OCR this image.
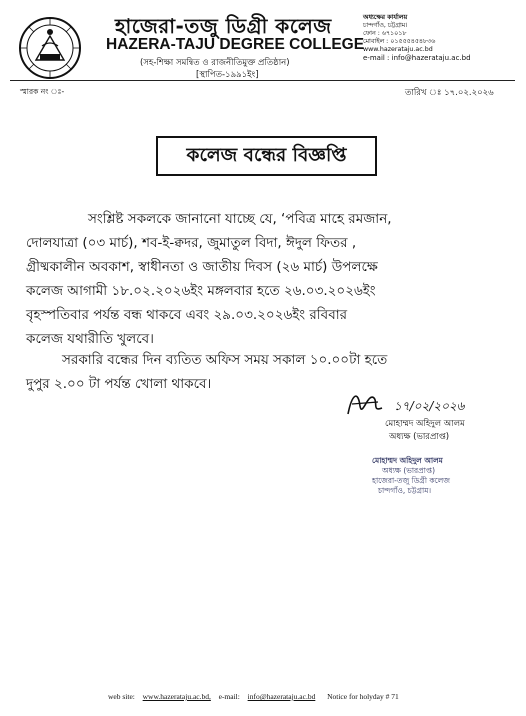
হাজেরা-তজু ডিগ্রী কলেজ
HAZERA-TAJU DEGREE COLLEGE
(সহ-শিক্ষা সমন্বিত ও রাজনীতিমুক্ত প্রতিষ্ঠান)
[স্থাপিত-১৯৯১ইং]
অধ্যক্ষের কার্যালয়
চান্দগাঁও, চট্টগ্রাম।
ফোন : ৬৭১০১৮
মোবাইল : ০১৫৫৫৪৫৪৮৩৬
www.hazerataju.ac.bd
e-mail : info@hazerataju.ac.bd
স্মারক নং ঃ-	তারিখ ঃ ১৭.০২.২০২৬
কলেজ বন্ধের বিজ্ঞপ্তি
সংশ্লিষ্ট সকলকে জানানো যাচ্ছে যে, ‘পবিত্র মাহে রমজান,
দোলযাত্রা (০৩ মার্চ), শব-ই-ক্বদর, জুমাতুল বিদা, ঈদুল ফিতর ,
গ্রীষ্মকালীন অবকাশ, স্বাধীনতা ও জাতীয় দিবস (২৬ মার্চ) উপলক্ষে
কলেজ আগামী ১৮.০২.২০২৬ইং মঙ্গলবার হতে ২৬.০৩.২০২৬ইং
বৃহস্পতিবার পর্যন্ত বন্ধ থাকবে এবং ২৯.০৩.২০২৬ইং রবিবার
কলেজ যথারীতি খুলবে।
সরকারি বন্ধের দিন ব্যতিত অফিস সময় সকাল ১০.০০টা হতে
দুপুর ২.০০ টা পর্যন্ত খোলা থাকবে।
১৭/০২/২০২৬
মোহাম্মদ অহিদুল আলম
অধ্যক্ষ (ভারপ্রাপ্ত)
মোহাম্মদ অহিদুল আলম
অধ্যক্ষ (ভারপ্রাপ্ত)
হাজেরা-তজু ডিগ্রী কলেজ
চান্দগাঁও, চট্টগ্রাম।
web site: www.hazerataju.ac.bd, e-mail: info@hazerataju.ac.bd Notice for holyday # 71
